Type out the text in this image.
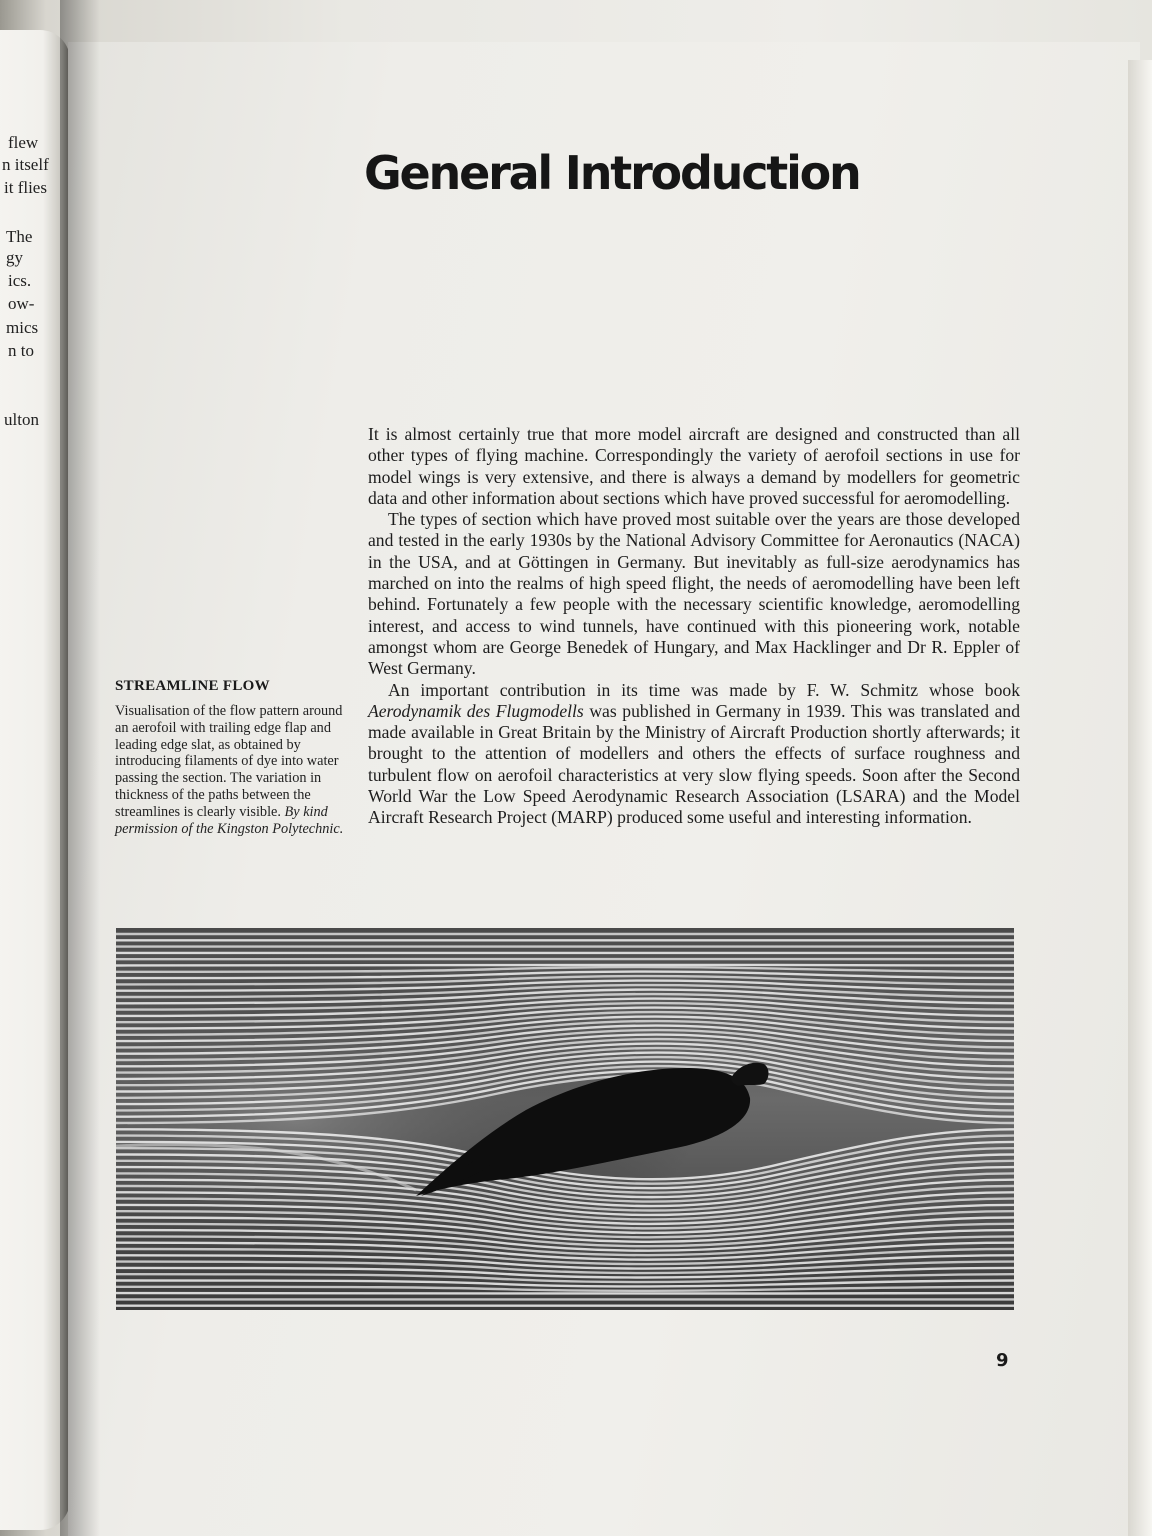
flew
n itself
it flies
The
gy
ics.
ow-
mics
n to
ulton
General Introduction

It is almost certainly true that more model aircraft are designed and constructed than all other types of flying machine. Correspondingly the variety of aerofoil sections in use for model wings is very extensive, and there is always a demand by modellers for geometric data and other information about sections which have proved successful for aeromodelling.

The types of section which have proved most suitable over the years are those developed and tested in the early 1930s by the National Advisory Committee for Aeronautics (NACA) in the USA, and at Göttingen in Germany. But inevitably as full-size aerodynamics has marched on into the realms of high speed flight, the needs of aeromodelling have been left behind. Fortunately a few people with the necessary scientific knowledge, aeromodelling interest, and access to wind tunnels, have continued with this pioneering work, notable amongst whom are George Benedek of Hungary, and Max Hacklinger and Dr R. Eppler of West Germany.

An important contribution in its time was made by F. W. Schmitz whose book Aerodynamik des Flugmodells was published in Germany in 1939. This was translated and made available in Great Britain by the Ministry of Aircraft Production shortly afterwards; it brought to the attention of modellers and others the effects of surface roughness and turbulent flow on aerofoil characteristics at very slow flying speeds. Soon after the Second World War the Low Speed Aerodynamic Research Association (LSARA) and the Model Aircraft Research Project (MARP) produced some useful and interesting information.

STREAMLINE FLOW
Visualisation of the flow pattern around an aerofoil with trailing edge flap and leading edge slat, as obtained by introducing filaments of dye into water passing the section. The variation in thickness of the paths between the streamlines is clearly visible. By kind permission of the Kingston Polytechnic.
9
